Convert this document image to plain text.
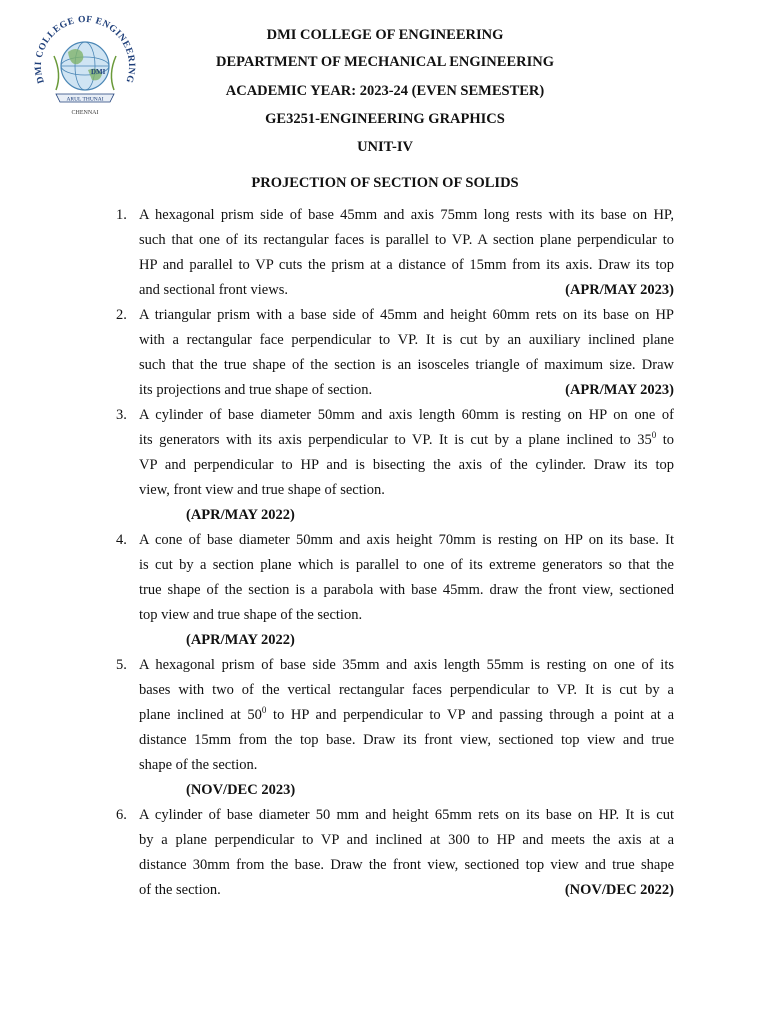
DMI COLLEGE OF ENGINEERING
DMI
ARUL THUNAI
CHENNAI
DMI COLLEGE OF ENGINEERING
DEPARTMENT OF MECHANICAL ENGINEERING
ACADEMIC YEAR: 2023-24 (EVEN SEMESTER)
GE3251-ENGINEERING GRAPHICS
UNIT-IV
PROJECTION OF SECTION OF SOLIDS
1. A hexagonal prism side of base 45mm and axis 75mm long rests with its base on HP,
such that one of its rectangular faces is parallel to VP. A section plane perpendicular to
HP and parallel to VP cuts the prism at a distance of 15mm from its axis. Draw its top
and sectional front views.	(APR/MAY 2023)
2. A triangular prism with a base side of 45mm and height 60mm rets on its base on HP
with a rectangular face perpendicular to VP. It is cut by an auxiliary inclined plane
such that the true shape of the section is an isosceles triangle of maximum size. Draw
its projections and true shape of section.	(APR/MAY 2023)
3. A cylinder of base diameter 50mm and axis length 60mm is resting on HP on one of
its generators with its axis perpendicular to VP. It is cut by a plane inclined to $35^0$ to
VP and perpendicular to HP and is bisecting the axis of the cylinder. Draw its top
view, front view and true shape of section.
(APR/MAY 2022)
4. A cone of base diameter 50mm and axis height 70mm is resting on HP on its base. It
is cut by a section plane which is parallel to one of its extreme generators so that the
true shape of the section is a parabola with base 45mm. draw the front view, sectioned
top view and true shape of the section.
(APR/MAY 2022)
5. A hexagonal prism of base side 35mm and axis length 55mm is resting on one of its
bases with two of the vertical rectangular faces perpendicular to VP. It is cut by a
plane inclined at $50^0$ to HP and perpendicular to VP and passing through a point at a
distance 15mm from the top base. Draw its front view, sectioned top view and true
shape of the section.
(NOV/DEC 2023)
6. A cylinder of base diameter 50 mm and height 65mm rets on its base on HP. It is cut
by a plane perpendicular to VP and inclined at 300 to HP and meets the axis at a
distance 30mm from the base. Draw the front view, sectioned top view and true shape
of the section.	(NOV/DEC 2022)
